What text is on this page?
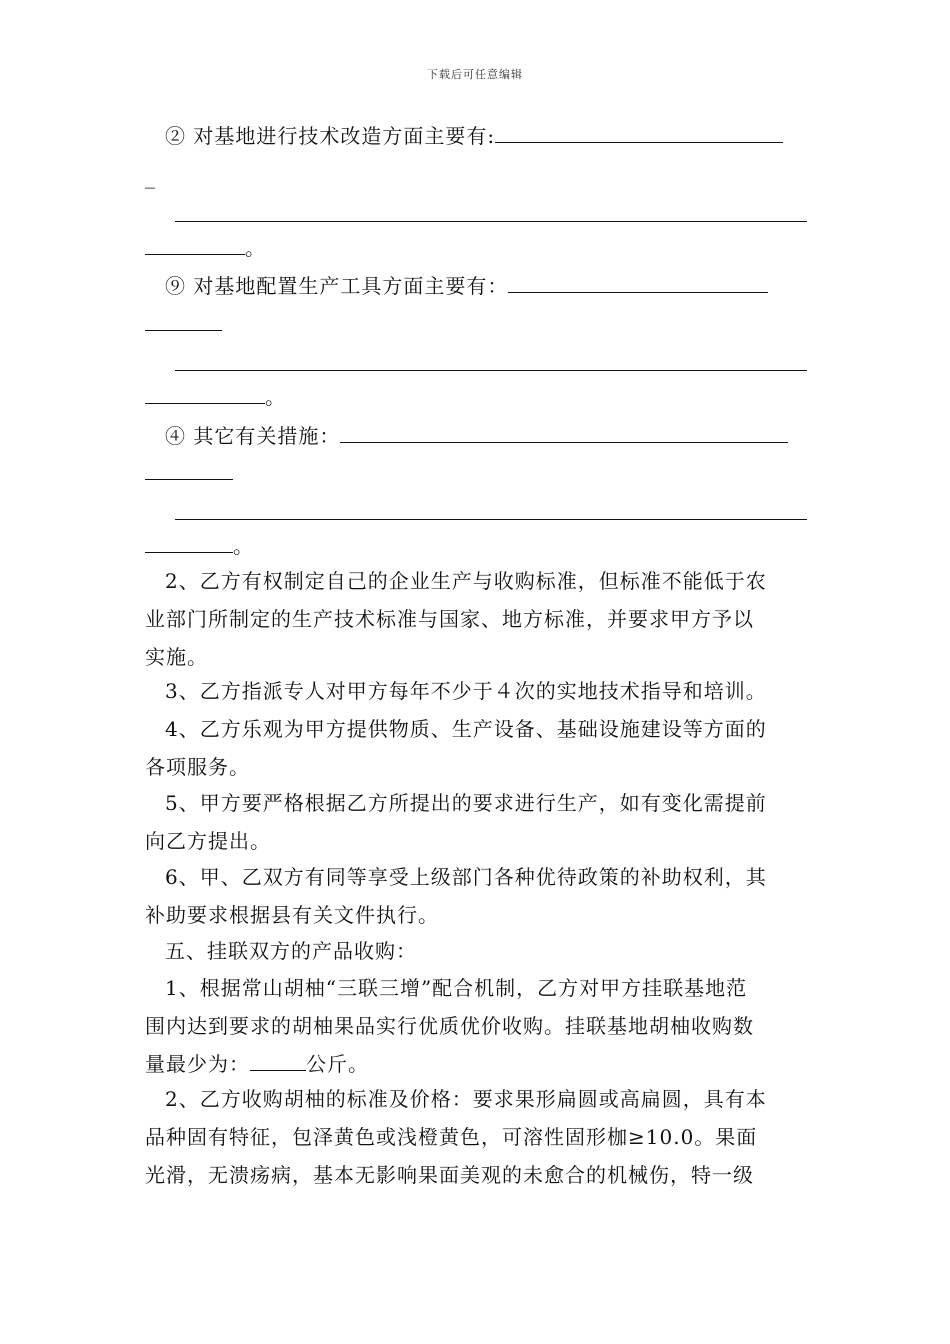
下载后可任意编辑
② 对基地进行技术改造方面主要有:
_
。
⑨ 对基地配置生产工具方面主要有：
。
④ 其它有关措施：
。
2、乙方有权制定自己的企业生产与收购标准，但标准不能低于农
业部门所制定的生产技术标准与国家、地方标准，并要求甲方予以
实施。
3、乙方指派专人对甲方每年不少于４次的实地技术指导和培训。
4、乙方乐观为甲方提供物质、生产设备、基础设施建设等方面的
各项服务。
5、甲方要严格根据乙方所提出的要求进行生产，如有变化需提前
向乙方提出。
6、甲、乙双方有同等享受上级部门各种优待政策的补助权利，其
补助要求根据县有关文件执行。
五、挂联双方的产品收购：
1、根据常山胡柚“三联三增”配合机制，乙方对甲方挂联基地范
围内达到要求的胡柚果品实行优质优价收购。挂联基地胡柚收购数
量最少为：	公斤。
2、乙方收购胡柚的标准及价格：要求果形扁圆或高扁圆，具有本
品种固有特征，包泽黄色或浅橙黄色，可溶性固形枷≥10.0。果面
光滑，无溃疡病，基本无影响果面美观的未愈合的机械伤，特一级
